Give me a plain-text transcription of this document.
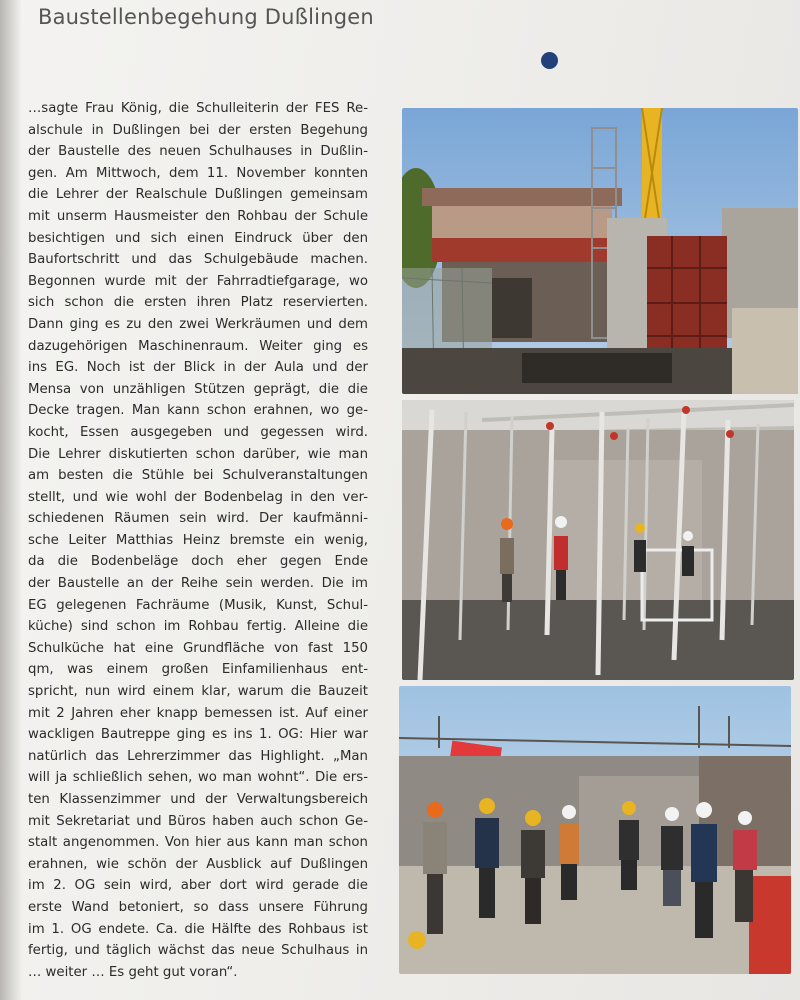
Baustellenbegehung Dußlingen
…sagte Frau König, die Schulleiterin der FES Re-
alschule in Dußlingen bei der ersten Begehung
der Baustelle des neuen Schulhauses in Dußlin-
gen. Am Mittwoch, dem 11. November konnten
die Lehrer der Realschule Dußlingen gemeinsam
mit unserm Hausmeister den Rohbau der Schule
besichtigen und sich einen Eindruck über den
Baufortschritt und das Schulgebäude machen.
Begonnen wurde mit der Fahrradtiefgarage, wo
sich schon die ersten ihren Platz reservierten.
Dann ging es zu den zwei Werkräumen und dem
dazugehörigen Maschinenraum. Weiter ging es
ins EG. Noch ist der Blick in der Aula und der
Mensa von unzähligen Stützen geprägt, die die
Decke tragen. Man kann schon erahnen, wo ge-
kocht, Essen ausgegeben und gegessen wird.
Die Lehrer diskutierten schon darüber, wie man
am besten die Stühle bei Schulveranstaltungen
stellt, und wie wohl der Bodenbelag in den ver-
schiedenen Räumen sein wird. Der kaufmänni-
sche Leiter Matthias Heinz bremste ein wenig,
da die Bodenbeläge doch eher gegen Ende
der Baustelle an der Reihe sein werden. Die im
EG gelegenen Fachräume (Musik, Kunst, Schul-
küche) sind schon im Rohbau fertig. Alleine die
Schulküche hat eine Grundfläche von fast 150
qm, was einem großen Einfamilienhaus ent-
spricht, nun wird einem klar, warum die Bauzeit
mit 2 Jahren eher knapp bemessen ist. Auf einer
wackligen Bautreppe ging es ins 1. OG: Hier war
natürlich das Lehrerzimmer das Highlight. „Man
will ja schließlich sehen, wo man wohnt“. Die ers-
ten Klassenzimmer und der Verwaltungsbereich
mit Sekretariat und Büros haben auch schon Ge-
stalt angenommen. Von hier aus kann man schon
erahnen, wie schön der Ausblick auf Dußlingen
im 2. OG sein wird, aber dort wird gerade die
erste Wand betoniert, so dass unsere Führung
im 1. OG endete. Ca. die Hälfte des Rohbaus ist
fertig, und täglich wächst das neue Schulhaus in
… weiter … Es geht gut voran“.
